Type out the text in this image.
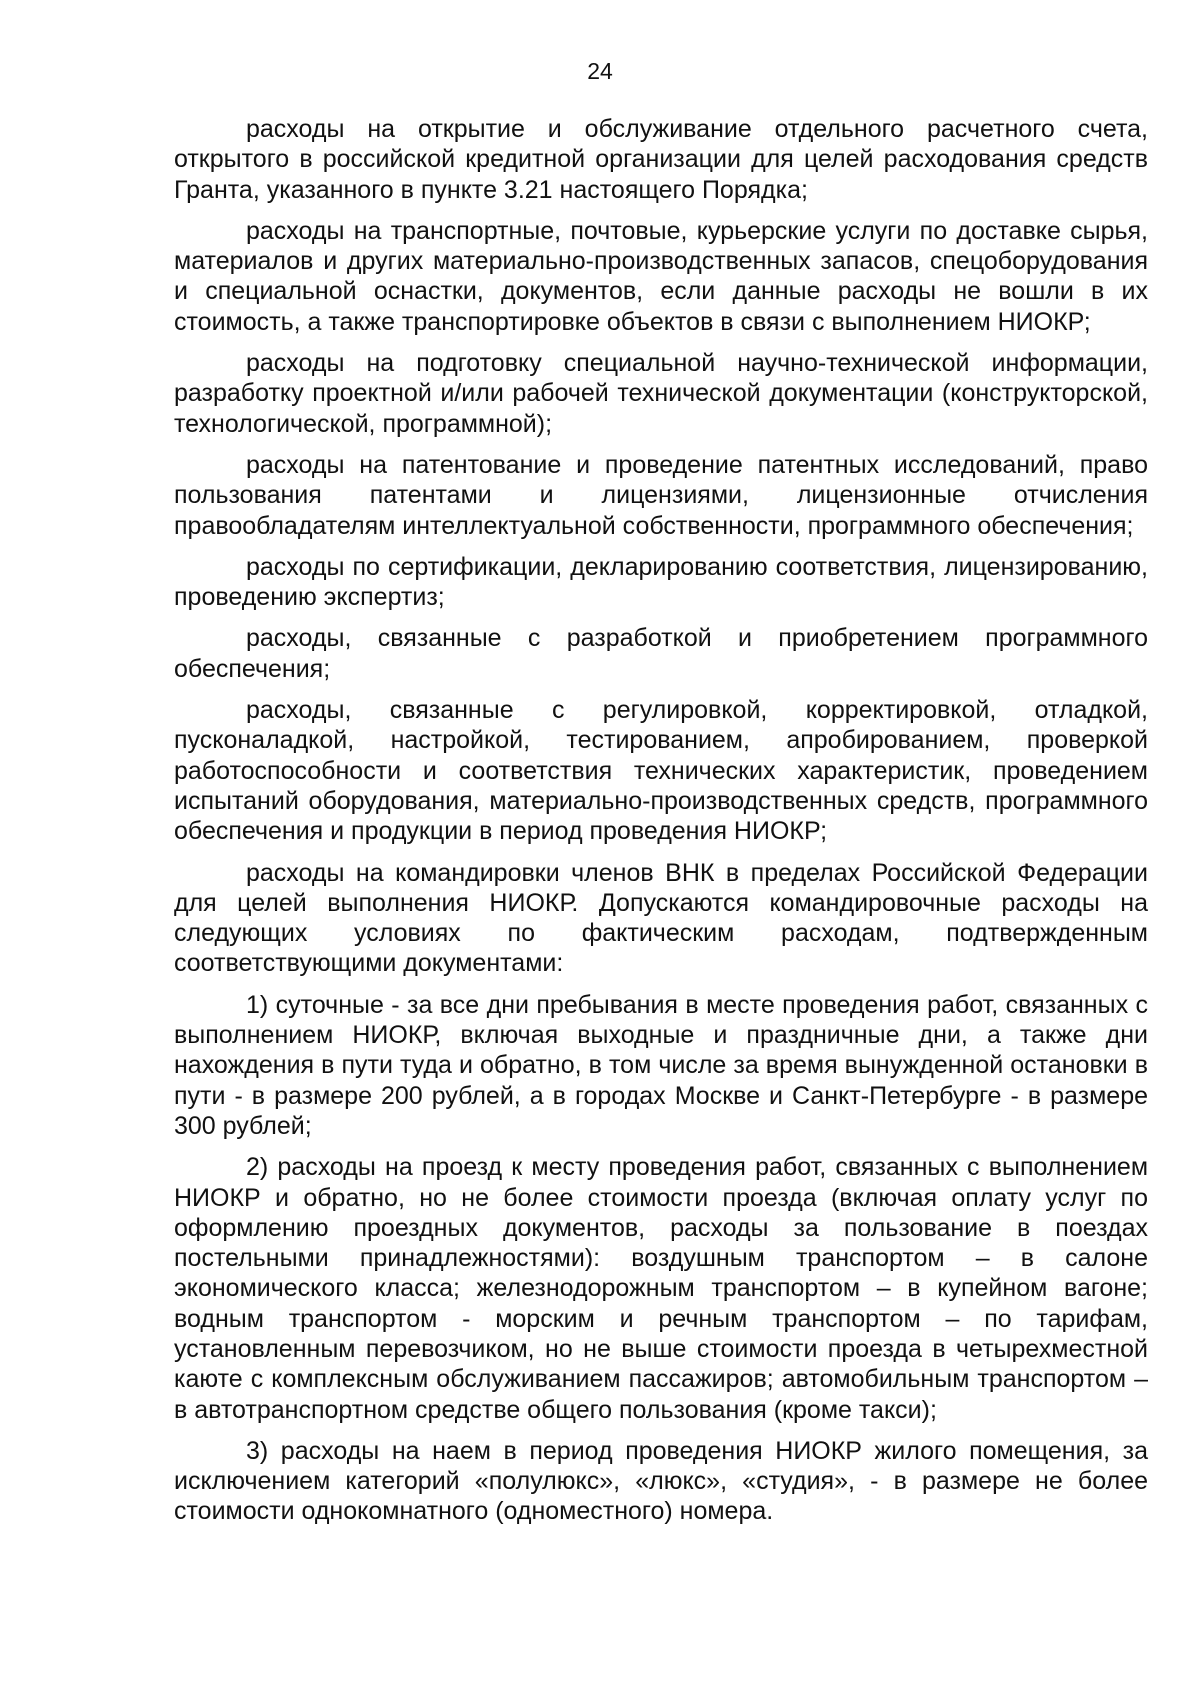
24

расходы на открытие и обслуживание отдельного расчетного счета, открытого в российской кредитной организации для целей расходования средств Гранта, указанного в пункте 3.21 настоящего Порядка;

расходы на транспортные, почтовые, курьерские услуги по доставке сырья, материалов и других материально-производственных запасов, спецоборудования и специальной оснастки, документов, если данные расходы не вошли в их стоимость, а также транспортировке объектов в связи с выполнением НИОКР;

расходы на подготовку специальной научно-технической информации, разработку проектной и/или рабочей технической документации (конструкторской, технологической, программной);

расходы на патентование и проведение патентных исследований, право пользования патентами и лицензиями, лицензионные отчисления правообладателям интеллектуальной собственности, программного обеспечения;

расходы по сертификации, декларированию соответствия, лицензированию, проведению экспертиз;

расходы, связанные с разработкой и приобретением программного обеспечения;

расходы, связанные с регулировкой, корректировкой, отладкой, пусконаладкой, настройкой, тестированием, апробированием, проверкой работоспособности и соответствия технических характеристик, проведением испытаний оборудования, материально-производственных средств, программного обеспечения и продукции в период проведения НИОКР;

расходы на командировки членов ВНК в пределах Российской Федерации для целей выполнения НИОКР. Допускаются командировочные расходы на следующих условиях по фактическим расходам, подтвержденным соответствующими документами:

1) суточные - за все дни пребывания в месте проведения работ, связанных с выполнением НИОКР, включая выходные и праздничные дни, а также дни нахождения в пути туда и обратно, в том числе за время вынужденной остановки в пути - в размере 200 рублей, а в городах Москве и Санкт-Петербурге - в размере 300 рублей;

2) расходы на проезд к месту проведения работ, связанных с выполнением НИОКР и обратно, но не более стоимости проезда (включая оплату услуг по оформлению проездных документов, расходы за пользование в поездах постельными принадлежностями): воздушным транспортом – в салоне экономического класса; железнодорожным транспортом – в купейном вагоне; водным транспортом - морским и речным транспортом – по тарифам, установленным перевозчиком, но не выше стоимости проезда в четырехместной каюте с комплексным обслуживанием пассажиров; автомобильным транспортом – в автотранспортном средстве общего пользования (кроме такси);

3) расходы на наем в период проведения НИОКР жилого помещения, за исключением категорий «полулюкс», «люкс», «студия», - в размере не более стоимости однокомнатного (одноместного) номера.
